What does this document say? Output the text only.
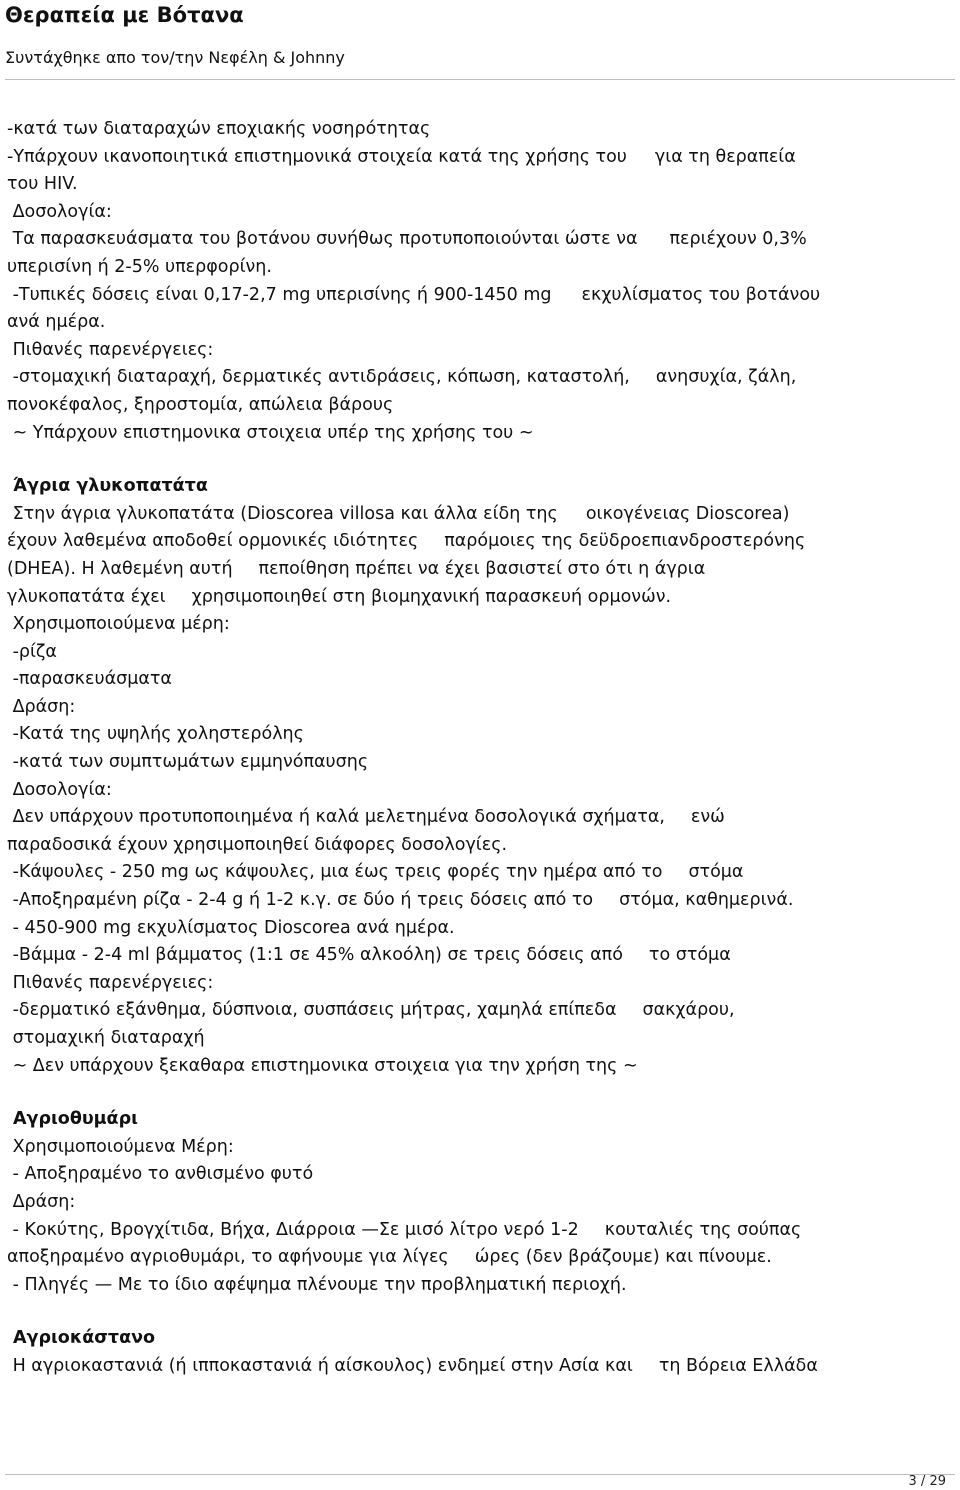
Θεραπεία με Βότανα
Συντάχθηκε απο τον/την Νεφέλη & Johnny
-κατά των διαταραχών εποχιακής νοσηρότητας
-Υπάρχουν ικανοποιητικά επιστημονικά στοιχεία κατά της χρήσης του για τη θεραπεία
του HIV.
Δοσολογία:
Τα παρασκευάσματα του βοτάνου συνήθως προτυποποιούνται ώστε να περιέχουν 0,3%
υπερισίνη ή 2-5% υπερφορίνη.
-Τυπικές δόσεις είναι 0,17-2,7 mg υπερισίνης ή 900-1450 mg εκχυλίσματος του βοτάνου
ανά ημέρα.
Πιθανές παρενέργειες:
-στομαχική διαταραχή, δερματικές αντιδράσεις, κόπωση, καταστολή, ανησυχία, ζάλη,
πονοκέφαλος, ξηροστομία, απώλεια βάρους
~ Υπάρχουν επιστημονικα στοιχεια υπέρ της χρήσης του ~
Άγρια γλυκοπατάτα
Στην άγρια γλυκοπατάτα (Dioscorea villosa και άλλα είδη της οικογένειας Dioscorea)
έχουν λαθεμένα αποδοθεί ορμονικές ιδιότητες παρόμοιες της δεϋδροεπιανδροστερόνης
(DHEA). Η λαθεμένη αυτή πεποίθηση πρέπει να έχει βασιστεί στο ότι η άγρια
γλυκοπατάτα έχει χρησιμοποιηθεί στη βιομηχανική παρασκευή ορμονών.
Χρησιμοποιούμενα μέρη:
-ρίζα
-παρασκευάσματα
Δράση:
-Κατά της υψηλής χοληστερόλης
-κατά των συμπτωμάτων εμμηνόπαυσης
Δοσολογία:
Δεν υπάρχουν προτυποποιημένα ή καλά μελετημένα δοσολογικά σχήματα, ενώ
παραδοσικά έχουν χρησιμοποιηθεί διάφορες δοσολογίες.
-Κάψουλες - 250 mg ως κάψουλες, μια έως τρεις φορές την ημέρα από το στόμα
-Αποξηραμένη ρίζα - 2-4 g ή 1-2 κ.γ. σε δύο ή τρεις δόσεις από το στόμα, καθημερινά.
- 450-900 mg εκχυλίσματος Dioscorea ανά ημέρα.
-Βάμμα - 2-4 ml βάμματος (1:1 σε 45% αλκοόλη) σε τρεις δόσεις από το στόμα
Πιθανές παρενέργειες:
-δερματικό εξάνθημα, δύσπνοια, συσπάσεις μήτρας, χαμηλά επίπεδα σακχάρου,
στομαχική διαταραχή
~ Δεν υπάρχουν ξεκαθαρα επιστημονικα στοιχεια για την χρήση της ~
Αγριοθυμάρι
Χρησιμοποιούμενα Μέρη:
- Αποξηραμένο το ανθισμένο φυτό
Δράση:
- Κοκύτης, Βρογχίτιδα, Βήχα, Διάρροια —Σε μισό λίτρο νερό 1-2 κουταλιές της σούπας
αποξηραμένο αγριοθυμάρι, το αφήνουμε για λίγες ώρες (δεν βράζουμε) και πίνουμε.
- Πληγές — Με το ίδιο αφέψημα πλένουμε την προβληματική περιοχή.
Αγριοκάστανο
Η αγριοκαστανιά (ή ιπποκαστανιά ή αίσκουλος) ενδημεί στην Ασία και τη Βόρεια Ελλάδα
3 / 29
